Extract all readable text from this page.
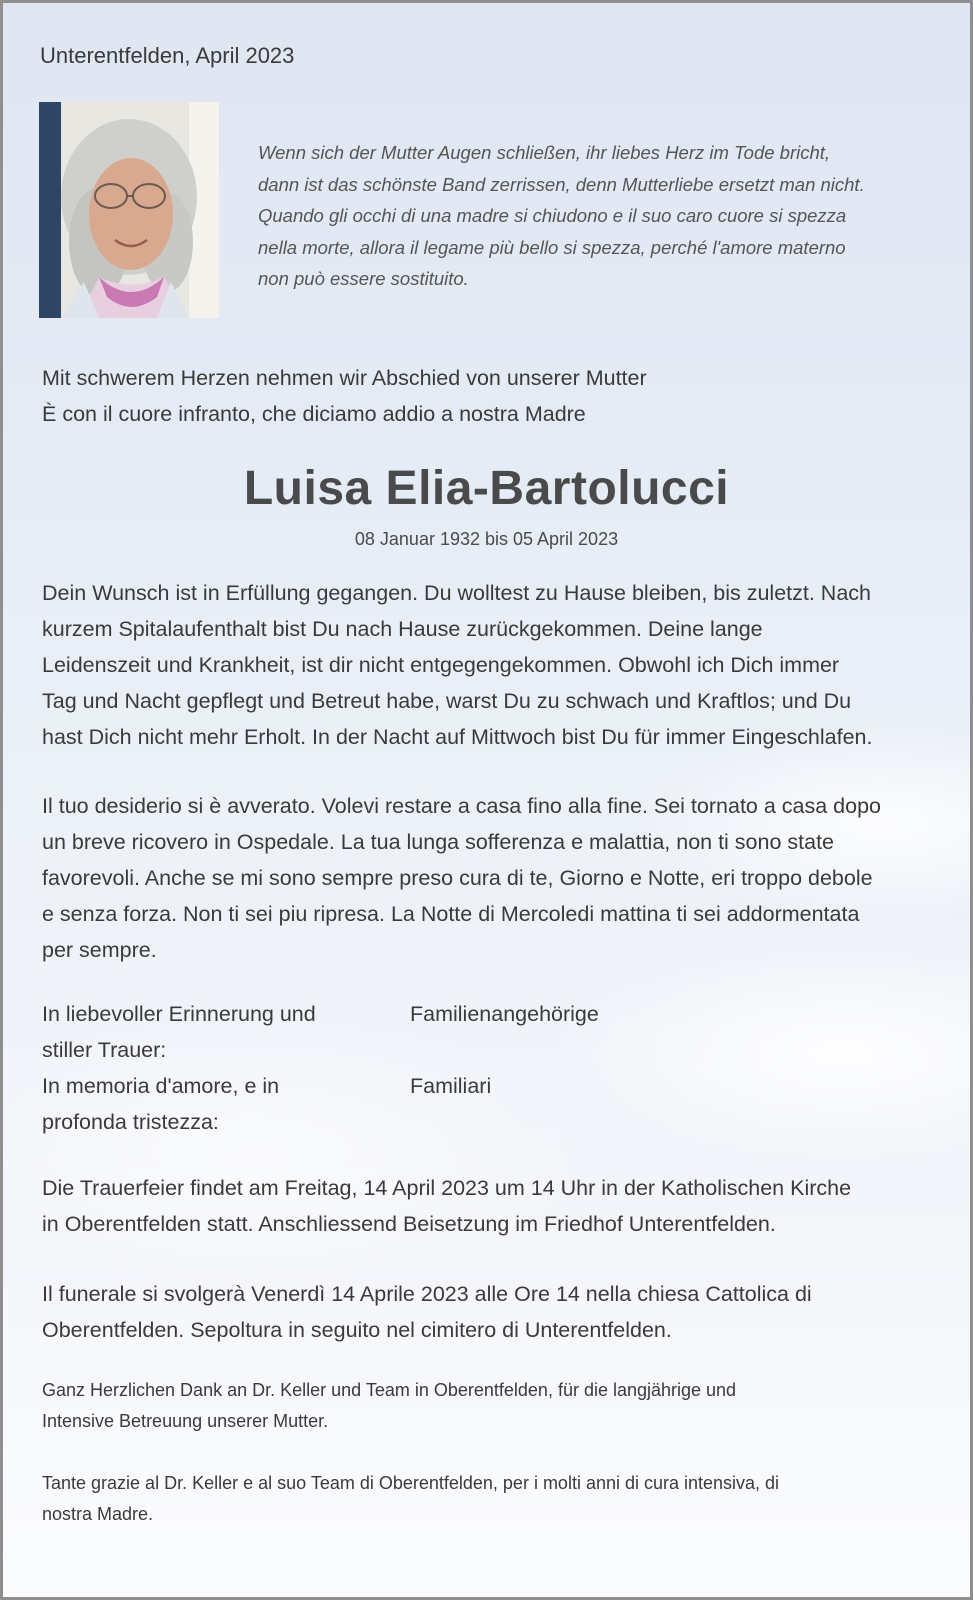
Unterentfelden, April 2023
Wenn sich der Mutter Augen schließen, ihr liebes Herz im Tode bricht,
dann ist das schönste Band zerrissen, denn Mutterliebe ersetzt man nicht.
Quando gli occhi di una madre si chiudono e il suo caro cuore si spezza
nella morte, allora il legame più bello si spezza, perché l'amore materno
non può essere sostituito.
Mit schwerem Herzen nehmen wir Abschied von unserer Mutter
È con il cuore infranto, che diciamo addio a nostra Madre
Luisa Elia-Bartolucci
08 Januar 1932 bis 05 April 2023
Dein Wunsch ist in Erfüllung gegangen. Du wolltest zu Hause bleiben, bis zuletzt. Nach
kurzem Spitalaufenthalt bist Du nach Hause zurückgekommen. Deine lange
Leidenszeit und Krankheit, ist dir nicht entgegengekommen. Obwohl ich Dich immer
Tag und Nacht gepflegt und Betreut habe, warst Du zu schwach und Kraftlos; und Du
hast Dich nicht mehr Erholt. In der Nacht auf Mittwoch bist Du für immer Eingeschlafen.
Il tuo desiderio si è avverato. Volevi restare a casa fino alla fine. Sei tornato a casa dopo
un breve ricovero in Ospedale. La tua lunga sofferenza e malattia, non ti sono state
favorevoli. Anche se mi sono sempre preso cura di te, Giorno e Notte, eri troppo debole
e senza forza. Non ti sei piu ripresa. La Notte di Mercoledi mattina ti sei addormentata
per sempre.
In liebevoller Erinnerung und
stiller Trauer:
In memoria d'amore, e in
profonda tristezza:
Familienangehörige
Familiari
Die Trauerfeier findet am Freitag, 14 April 2023 um 14 Uhr in der Katholischen Kirche
in Oberentfelden statt. Anschliessend Beisetzung im Friedhof Unterentfelden.
Il funerale si svolgerà Venerdì 14 Aprile 2023 alle Ore 14 nella chiesa Cattolica di
Oberentfelden. Sepoltura in seguito nel cimitero di Unterentfelden.
Ganz Herzlichen Dank an Dr. Keller und Team in Oberentfelden, für die langjährige und
Intensive Betreuung unserer Mutter.
Tante grazie al Dr. Keller e al suo Team di Oberentfelden, per i molti anni di cura intensiva, di
nostra Madre.
